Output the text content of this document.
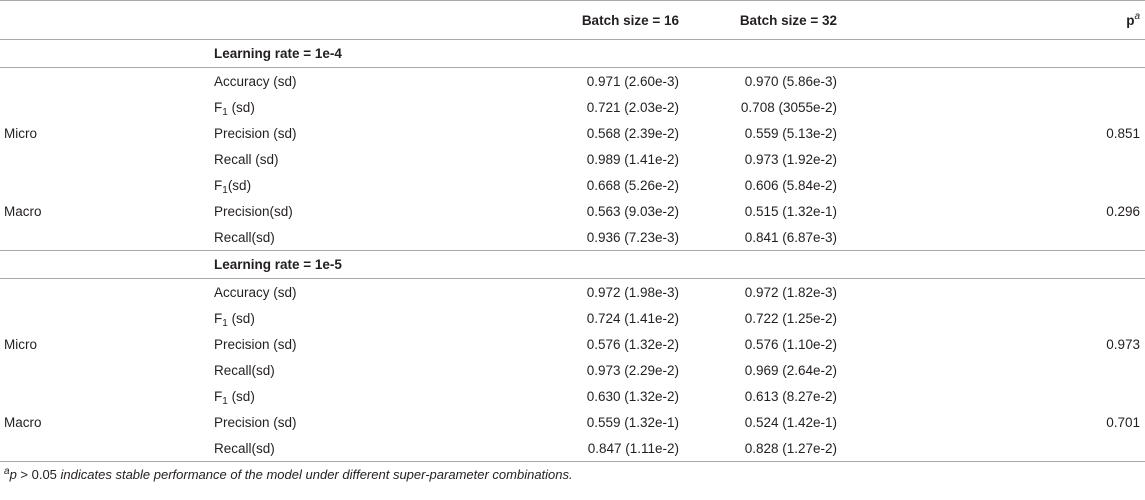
		Batch size = 16	Batch size = 32	$p^a$
	Learning rate = 1e-4			
	Accuracy (sd)	0.971 (2.60e-3)	0.970 (5.86e-3)	
	$F_1$ (sd)	0.721 (2.03e-2)	0.708 (3055e-2)	
Micro	Precision (sd)	0.568 (2.39e-2)	0.559 (5.13e-2)	0.851
	Recall (sd)	0.989 (1.41e-2)	0.973 (1.92e-2)	
	$F_1(sd)$	0.668 (5.26e-2)	0.606 (5.84e-2)	
Macro	Precision(sd)	0.563 (9.03e-2)	0.515 (1.32e-1)	0.296
	Recall(sd)	0.936 (7.23e-3)	0.841 (6.87e-3)	
	Learning rate = 1e-5			
	Accuracy (sd)	0.972 (1.98e-3)	0.972 (1.82e-3)	
	$F_1$ (sd)	0.724 (1.41e-2)	0.722 (1.25e-2)	
Micro	Precision (sd)	0.576 (1.32e-2)	0.576 (1.10e-2)	0.973
	Recall(sd)	0.973 (2.29e-2)	0.969 (2.64e-2)	
	$F_1$ (sd)	0.630 (1.32e-2)	0.613 (8.27e-2)	
Macro	Precision (sd)	0.559 (1.32e-1)	0.524 (1.42e-1)	0.701
	Recall(sd)	0.847 (1.11e-2)	0.828 (1.27e-2)	
$^a$p > 0.05 indicates stable performance of the model under different super-parameter combinations.
